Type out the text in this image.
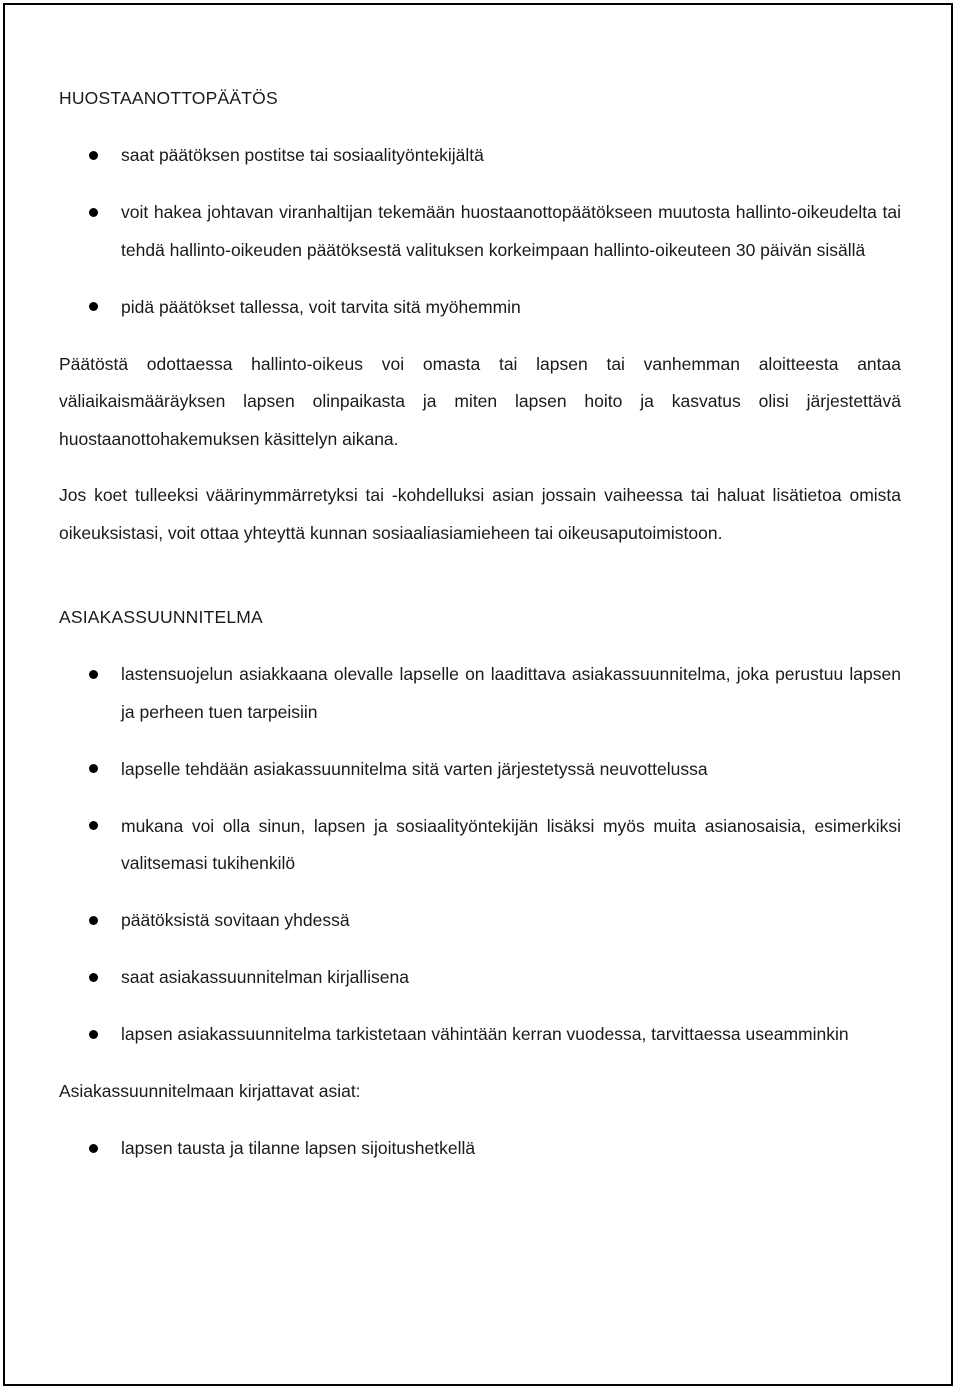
HUOSTAANOTTOPÄÄTÖS
saat päätöksen postitse tai sosiaalityöntekijältä
voit hakea johtavan viranhaltijan tekemään huostaanottopäätökseen muutosta hallinto-oikeudelta tai tehdä hallinto-oikeuden päätöksestä valituksen korkeimpaan hallinto-oikeuteen 30 päivän sisällä
pidä päätökset tallessa, voit tarvita sitä myöhemmin

Päätöstä odottaessa hallinto-oikeus voi omasta tai lapsen tai vanhemman aloitteesta antaa väliaikaismääräyksen lapsen olinpaikasta ja miten lapsen hoito ja kasvatus olisi järjestettävä huostaanottohakemuksen käsittelyn aikana.

Jos koet tulleeksi väärinymmärretyksi tai -kohdelluksi asian jossain vaiheessa tai haluat lisätietoa omista oikeuksistasi, voit ottaa yhteyttä kunnan sosiaaliasiamieheen tai oikeusaputoimistoon.

ASIAKASSUUNNITELMA
lastensuojelun asiakkaana olevalle lapselle on laadittava asiakassuunnitelma, joka perustuu lapsen ja perheen tuen tarpeisiin
lapselle tehdään asiakassuunnitelma sitä varten järjestetyssä neuvottelussa
mukana voi olla sinun, lapsen ja sosiaalityöntekijän lisäksi myös muita asianosaisia, esimerkiksi valitsemasi tukihenkilö
päätöksistä sovitaan yhdessä
saat asiakassuunnitelman kirjallisena
lapsen asiakassuunnitelma tarkistetaan vähintään kerran vuodessa, tarvittaessa useamminkin
Asiakassuunnitelmaan kirjattavat asiat:
lapsen tausta ja tilanne lapsen sijoitushetkellä
